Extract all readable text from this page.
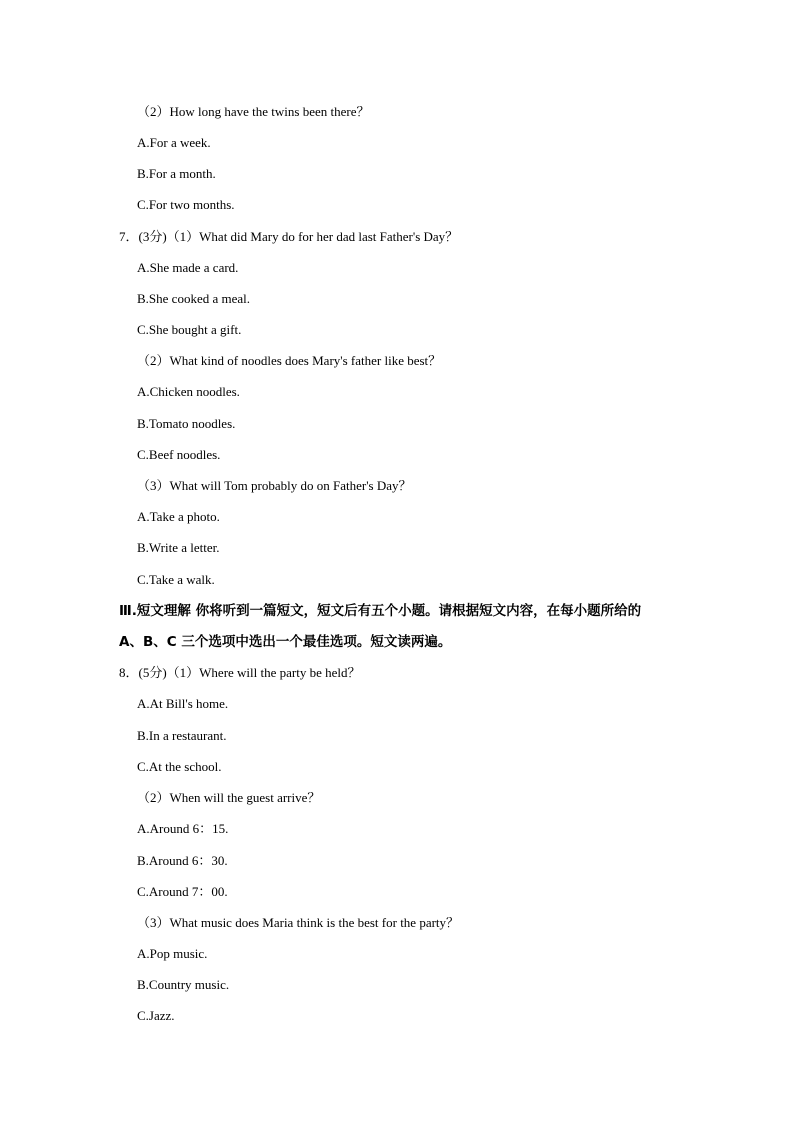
（2）How long have the twins been there？
A.For a week.
B.For a month.
C.For two months.
7．(3分)（1）What did Mary do for her dad last Father's Day？
A.She made a card.
B.She cooked a meal.
C.She bought a gift.
（2）What kind of noodles does Mary's father like best？
A.Chicken noodles.
B.Tomato noodles.
C.Beef noodles.
（3）What will Tom probably do on Father's Day？
A.Take a photo.
B.Write a letter.
C.Take a walk.
Ⅲ.短文理解 你将听到一篇短文，短文后有五个小题。请根据短文内容，在每小题所给的
A、B、C 三个选项中选出一个最佳选项。短文读两遍。
8．(5分)（1）Where will the party be held？
A.At Bill's home.
B.In a restaurant.
C.At the school.
（2）When will the guest arrive？
A.Around 6：15.
B.Around 6：30.
C.Around 7：00.
（3）What music does Maria think is the best for the party？
A.Pop music.
B.Country music.
C.Jazz.
